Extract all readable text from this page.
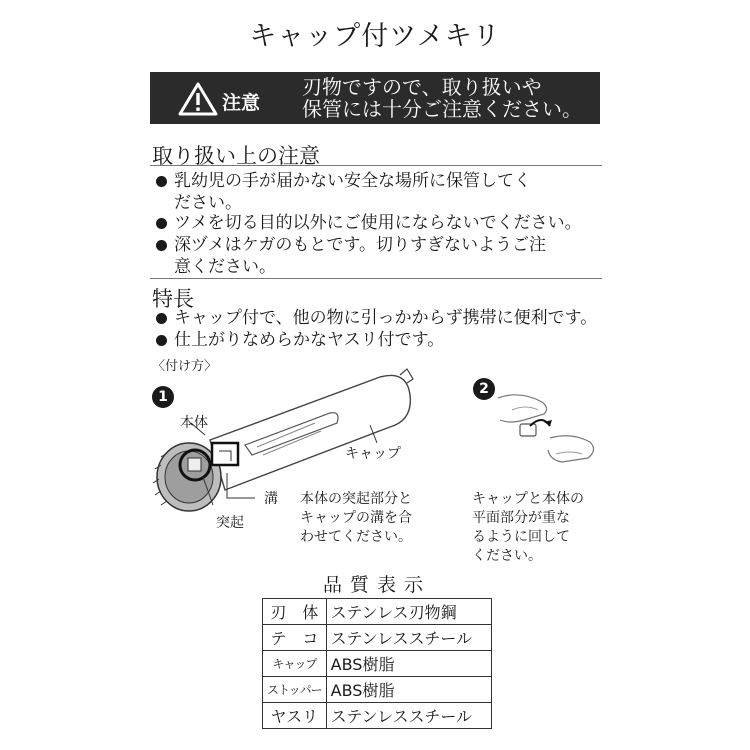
キャップ付ツメキリ
注意
刃物ですので、取り扱いや
保管には十分ご注意ください。
取り扱い上の注意
乳幼児の手が届かない安全な場所に保管してく
ださい。
ツメを切る目的以外にご使用にならないでください。
深ヅメはケガのもとです。切りすぎないようご注
意ください。
特長
キャップ付で、他の物に引っかからず携帯に便利です。
仕上がりなめらかなヤスリ付です。
〈付け方〉
1	2
本体
キャップ
溝
突起
本体の突起部分と
キャップの溝を合
わせてください。
キャップと本体の
平面部分が重な
るように回して
ください。
品質表示
刃　体	ステンレス刃物鋼
テ　コ	ステンレススチール
キャップ	ABS樹脂
ストッパー	ABS樹脂
ヤスリ	ステンレススチール
